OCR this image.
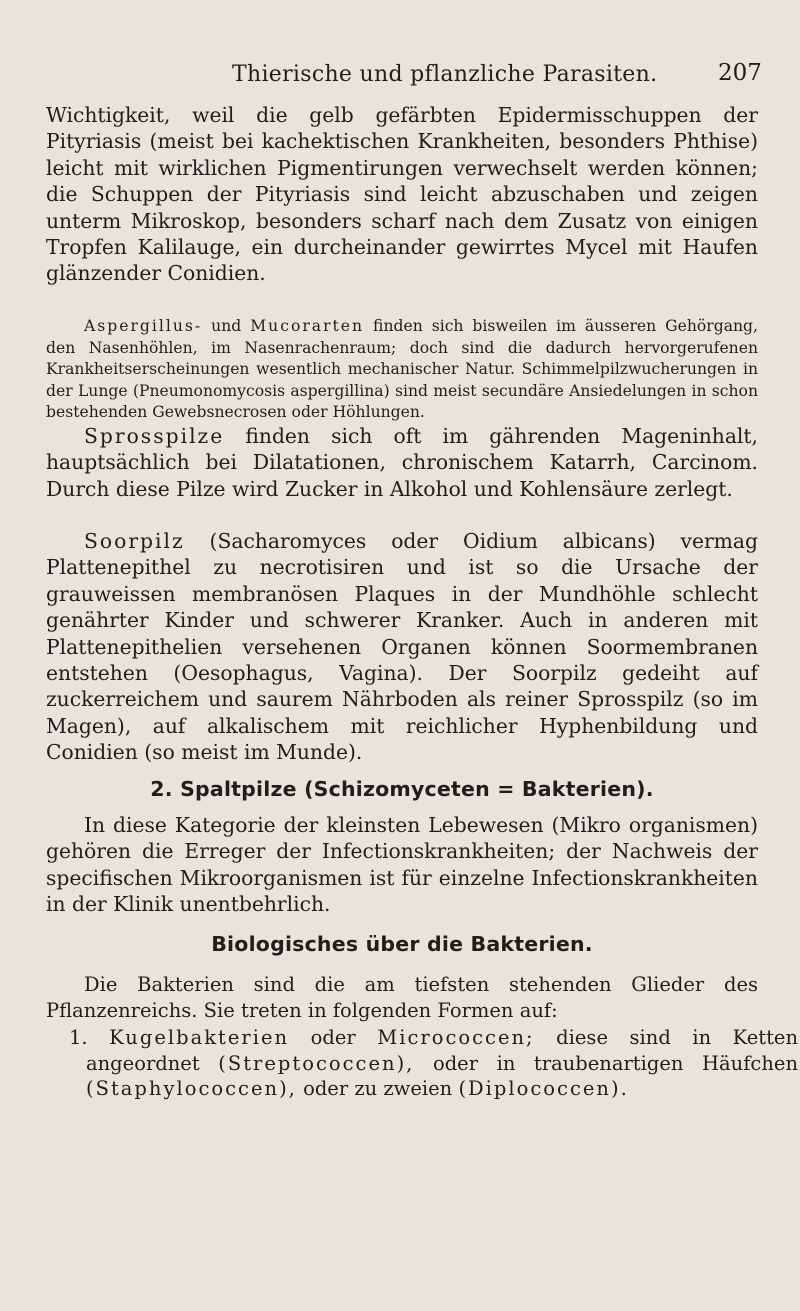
Thierische und pflanzliche Parasiten.	207

Wichtigkeit, weil die gelb gefärbten Epidermisschuppen der Pityriasis (meist bei kachektischen Krankheiten, besonders Phthise) leicht mit wirklichen Pigmentirungen verwechselt werden können; die Schuppen der Pityriasis sind leicht abzuschaben und zeigen unterm Mikroskop, besonders scharf nach dem Zusatz von einigen Tropfen Kalilauge, ein durcheinander gewirrtes Mycel mit Haufen glänzender Conidien.

Aspergillus- und Mucorarten finden sich bisweilen im äusseren Gehörgang, den Nasenhöhlen, im Nasenrachenraum; doch sind die dadurch hervorgerufenen Krankheitserscheinungen wesentlich mechanischer Natur. Schimmelpilzwucherungen in der Lunge (Pneumonomycosis aspergillina) sind meist secundäre Ansiedelungen in schon bestehenden Gewebsnecrosen oder Höhlungen.
Sprosspilze finden sich oft im gährenden Mageninhalt, hauptsächlich bei Dilatationen, chronischem Katarrh, Carcinom. Durch diese Pilze wird Zucker in Alkohol und Kohlensäure zerlegt.
Soorpilz (Sacharomyces oder Oidium albicans) vermag Plattenepithel zu necrotisiren und ist so die Ursache der grauweissen membranösen Plaques in der Mundhöhle schlecht genährter Kinder und schwerer Kranker. Auch in anderen mit Plattenepithelien versehenen Organen können Soormembranen entstehen (Oesophagus, Vagina). Der Soorpilz gedeiht auf zuckerreichem und saurem Nährboden als reiner Sprosspilz (so im Magen), auf alkalischem mit reichlicher Hyphenbildung und Conidien (so meist im Munde).
2. Spaltpilze (Schizomyceten = Bakterien).

In diese Kategorie der kleinsten Lebewesen (Mikro organismen) gehören die Erreger der Infectionskrankheiten; der Nachweis der specifischen Mikroorganismen ist für einzelne Infectionskrankheiten in der Klinik unentbehrlich.

Biologisches über die Bakterien.

Die Bakterien sind die am tiefsten stehenden Glieder des Pflanzenreichs. Sie treten in folgenden Formen auf:

1. Kugelbakterien oder Micrococcen; diese sind in Ketten angeordnet (Streptococcen), oder in traubenartigen Häufchen (Staphylococcen), oder zu zweien (Diplococcen).
